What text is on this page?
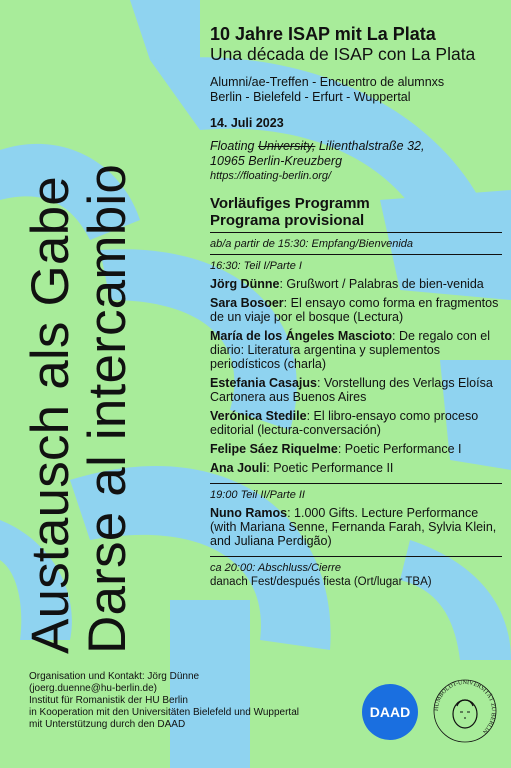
Austausch als Gabe
Darse al intercambio
10 Jahre ISAP mit La Plata
Una década de ISAP con La Plata
Alumni/ae-Treffen - Encuentro de alumnxs
Berlin - Bielefeld - Erfurt - Wuppertal
14. Juli 2023
Floating University, Lilienthalstraße 32,
10965 Berlin-Kreuzberg
https://floating-berlin.org/
Vorläufiges Programm
Programa provisional
ab/a partir de 15:30: Empfang/Bienvenida
16:30: Teil I/Parte I
Jörg Dünne: Grußwort / Palabras de bien-venida
Sara Bosoer: El ensayo como forma en fragmentos de un viaje por el bosque (Lectura)
María de los Ángeles Mascioto: De regalo con el diario: Literatura argentina y suplementos periodísticos (charla)
Estefania Casajus: Vorstellung des Verlags Eloísa Cartonera aus Buenos Aires
Verónica Stedile: El libro-ensayo como proceso editorial (lectura-conversación)
Felipe Sáez Riquelme: Poetic Performance I
Ana Jouli: Poetic Performance II
19:00 Teil II/Parte II
Nuno Ramos: 1.000 Gifts. Lecture Performance (with Mariana Senne, Fernanda Farah, Sylvia Klein, and Juliana Perdigão)
ca 20:00: Abschluss/Cierre
danach Fest/después fiesta (Ort/lugar TBA)
Organisation und Kontakt: Jörg Dünne
(joerg.duenne@hu-berlin.de)
Institut für Romanistik der HU Berlin
in Kooperation mit den Universitäten Bielefeld und Wuppertal
mit Unterstützung durch den DAAD
DAAD	HUMBOLDT-UNIVERSITÄT ZU BERLIN
